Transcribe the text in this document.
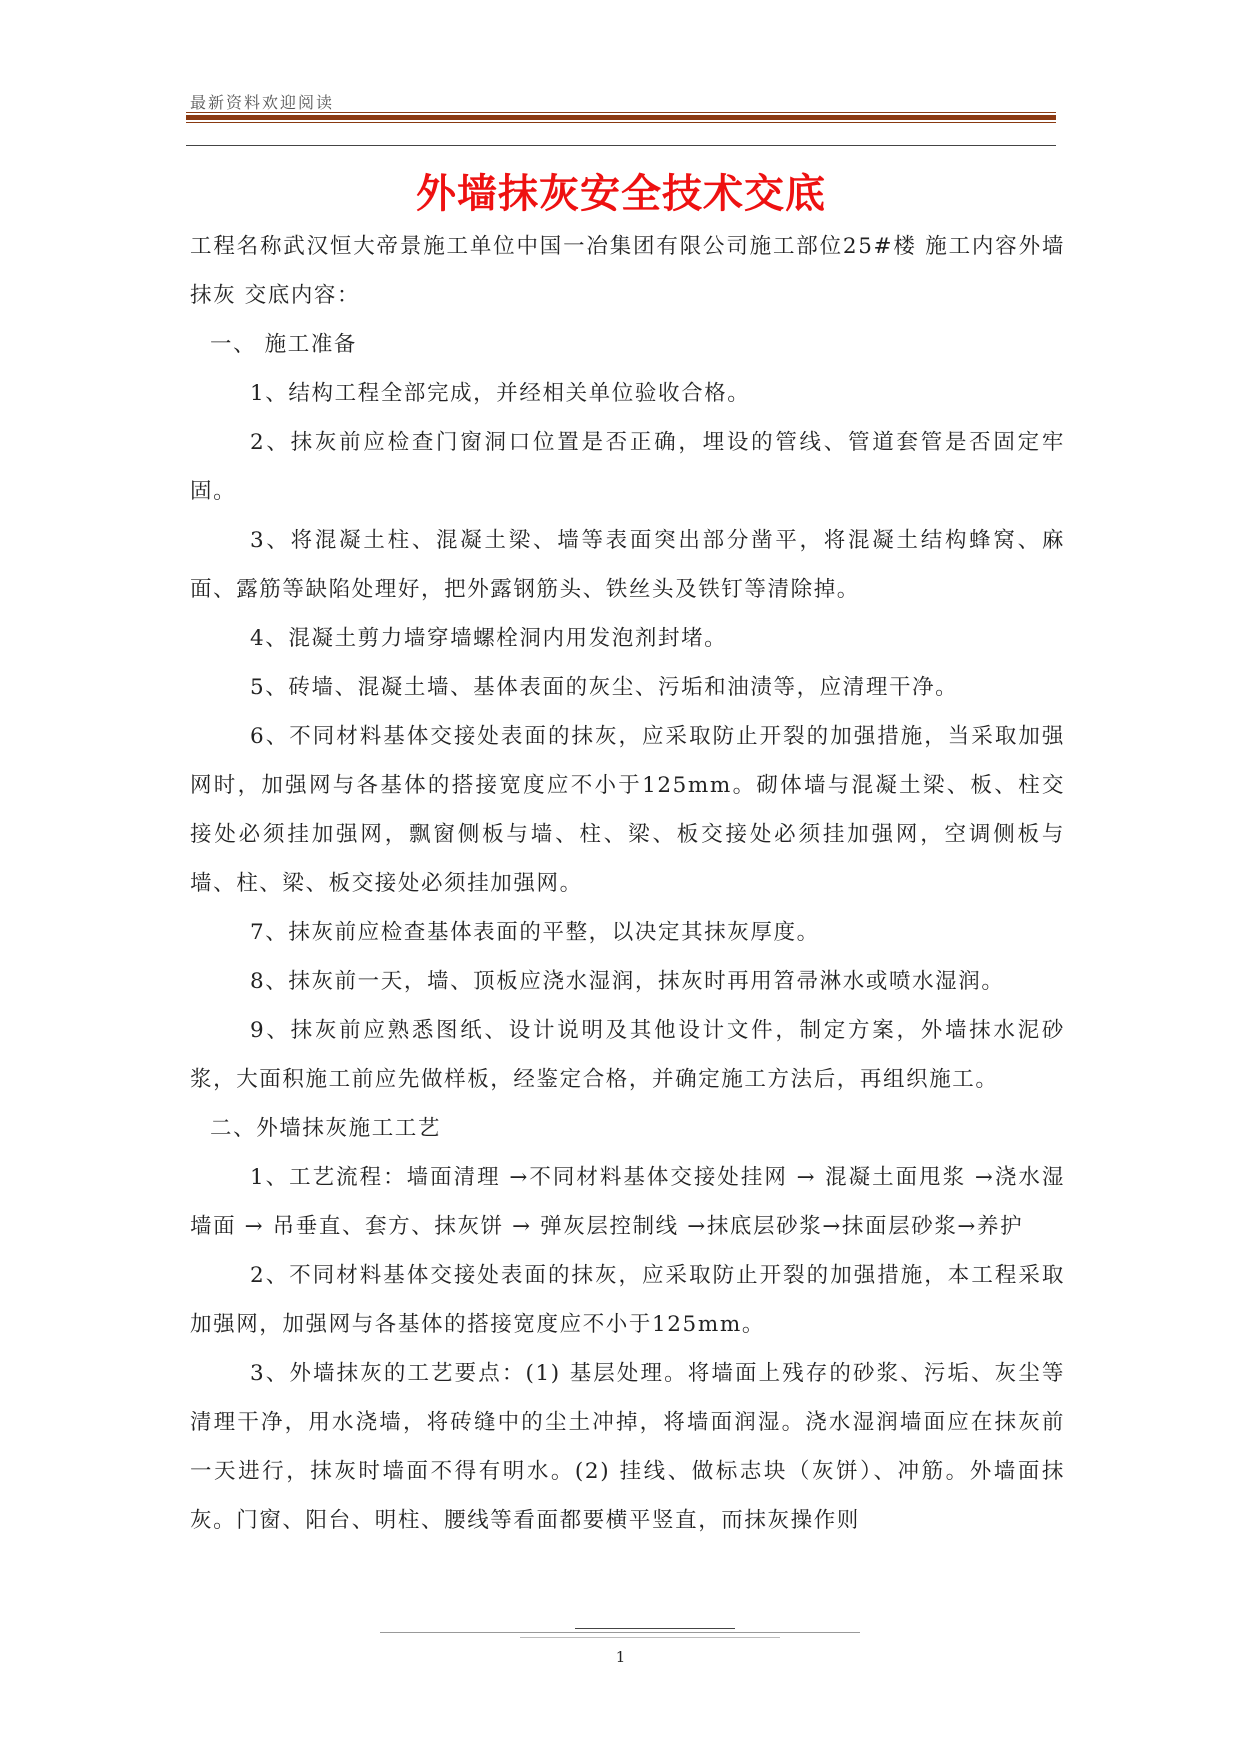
最新资料欢迎阅读
外墙抹灰安全技术交底

工程名称武汉恒大帝景施工单位中国一冶集团有限公司施工部位25#楼 施工内容外墙抹灰 交底内容：

一、 施工准备

1、结构工程全部完成，并经相关单位验收合格。

2、抹灰前应检查门窗洞口位置是否正确，埋设的管线、管道套管是否固定牢固。

3、将混凝土柱、混凝土梁、墙等表面突出部分凿平，将混凝土结构蜂窝、麻面、露筋等缺陷处理好，把外露钢筋头、铁丝头及铁钉等清除掉。

4、混凝土剪力墙穿墙螺栓洞内用发泡剂封堵。

5、砖墙、混凝土墙、基体表面的灰尘、污垢和油渍等，应清理干净。

6、不同材料基体交接处表面的抹灰，应采取防止开裂的加强措施，当采取加强网时，加强网与各基体的搭接宽度应不小于125mm。砌体墙与混凝土梁、板、柱交接处必须挂加强网，飘窗侧板与墙、柱、梁、板交接处必须挂加强网，空调侧板与墙、柱、梁、板交接处必须挂加强网。

7、抹灰前应检查基体表面的平整，以决定其抹灰厚度。

8、抹灰前一天，墙、顶板应浇水湿润，抹灰时再用笤帚淋水或喷水湿润。

9、抹灰前应熟悉图纸、设计说明及其他设计文件，制定方案，外墙抹水泥砂浆，大面积施工前应先做样板，经鉴定合格，并确定施工方法后，再组织施工。

二、外墙抹灰施工工艺

1、工艺流程：墙面清理 →不同材料基体交接处挂网 → 混凝土面甩浆 →浇水湿墙面 → 吊垂直、套方、抹灰饼 → 弹灰层控制线 →抹底层砂浆→抹面层砂浆→养护

2、不同材料基体交接处表面的抹灰，应采取防止开裂的加强措施，本工程采取加强网，加强网与各基体的搭接宽度应不小于125mm。

3、外墙抹灰的工艺要点：(1) 基层处理。将墙面上残存的砂浆、污垢、灰尘等清理干净，用水浇墙，将砖缝中的尘土冲掉，将墙面润湿。浇水湿润墙面应在抹灰前一天进行，抹灰时墙面不得有明水。(2) 挂线、做标志块（灰饼）、冲筋。外墙面抹灰。门窗、阳台、明柱、腰线等看面都要横平竖直，而抹灰操作则

1
